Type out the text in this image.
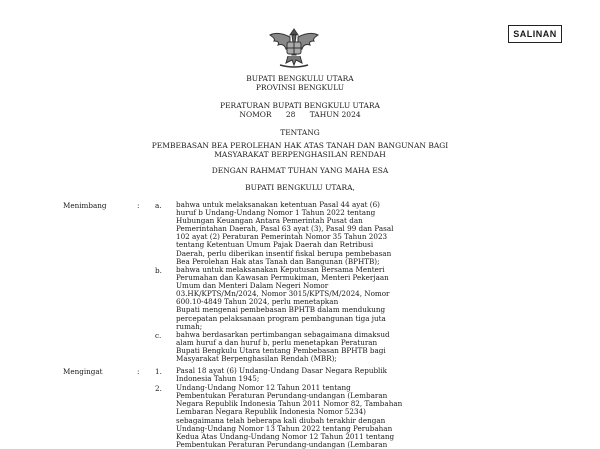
SALINAN
BUPATI BENGKULU UTARA
PROVINSI BENGKULU
PERATURAN BUPATI BENGKULU UTARA
NOMOR      28      TAHUN 2024
TENTANG
PEMBEBASAN BEA PEROLEHAN HAK ATAS TANAH DAN BANGUNAN BAGI
MASYARAKAT BERPENGHASILAN RENDAH
DENGAN RAHMAT TUHAN YANG MAHA ESA
BUPATI BENGKULU UTARA,
Menimbang	: a. bahwa untuk melaksanakan ketentuan Pasal 44 ayat (6)
huruf b Undang-Undang Nomor 1 Tahun 2022 tentang
Hubungan Keuangan Antara Pemerintah Pusat dan
Pemerintahan Daerah, Pasal 63 ayat (3), Pasal 99 dan Pasal
102 ayat (2) Peraturan Pemerintah Nomor 35 Tahun 2023
tentang Ketentuan Umum Pajak Daerah dan Retribusi
Daerah, perlu diberikan insentif fiskal berupa pembebasan
Bea Perolehan Hak atas Tanah dan Bangunan (BPHTB);
b. bahwa untuk melaksanakan Keputusan Bersama Menteri
Perumahan dan Kawasan Permukiman, Menteri Pekerjaan
Umum dan Menteri Dalam Negeri Nomor
03.HK/KPTS/Mn/2024, Nomor 3015/KPTS/M/2024, Nomor
600.10-4849 Tahun 2024, perlu menetapkan
Bupati mengenai pembebasan BPHTB dalam mendukung
percepatan pelaksanaan program pembangunan tiga juta
rumah;
c. bahwa berdasarkan pertimbangan sebagaimana dimaksud
alam huruf a dan huruf b, perlu menetapkan Peraturan
Bupati Bengkulu Utara tentang Pembebasan BPHTB bagi
Masyarakat Berpenghasilan Rendah (MBR);
Mengingat	: 1. Pasal 18 ayat (6) Undang-Undang Dasar Negara Republik
Indonesia Tahun 1945;
2. Undang-Undang Nomor 12 Tahun 2011 tentang
Pembentukan Peraturan Perundang-undangan (Lembaran
Negara Republik Indonesia Tahun 2011 Nomor 82, Tambahan
Lembaran Negara Republik Indonesia Nomor 5234)
sebagaimana telah beberapa kali diubah terakhir dengan
Undang-Undang Nomor 13 Tahun 2022 tentang Perubahan
Kedua Atas Undang-Undang Nomor 12 Tahun 2011 tentang
Pembentukan Peraturan Perundang-undangan (Lembaran
